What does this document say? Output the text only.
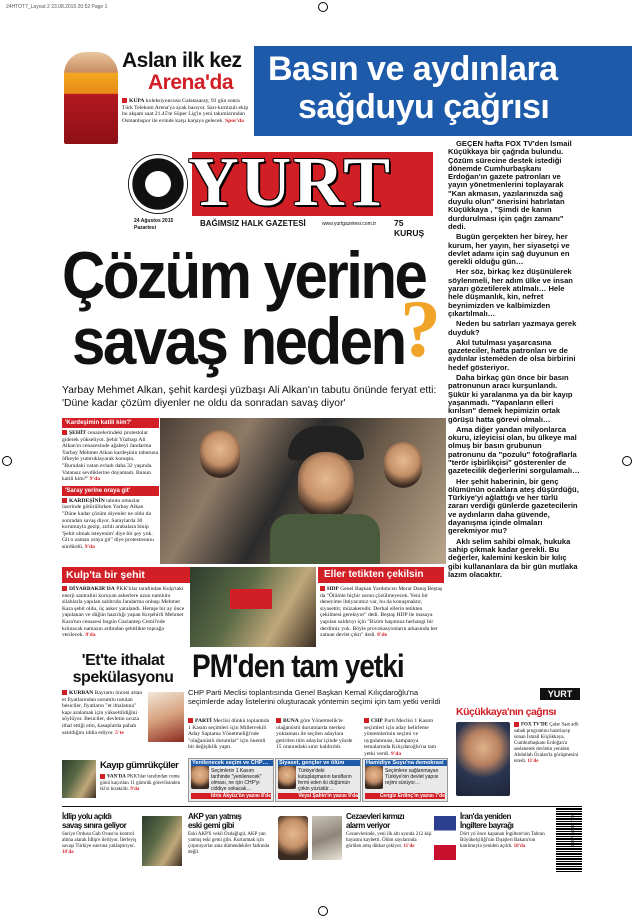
24HTOT7_Layout 2 23.08.2015 20:52 Page 1
Aslan ilk kez
Arena'da
KUPA koleksiyoncusu Galatasaray, 93 gün sonra Türk Telekom Arena'ya ayak basıyor. Sarı-kırmızılı ekip bu akşam saat 21.45'te Süper Lig'in yeni takımlarından Osmanlıspor ile evinde karşı karşıya gelecek. Spor'da
Basın ve aydınlara
sağduyu çağrısı
YURT
24 Ağustos 2015
Pazartesi	BAĞIMSIZ HALK GAZETESİ	www.yurtgazetesi.com.tr 75 KURUŞ
Çözüm yerine
savaş neden
?
Yarbay Mehmet Alkan, şehit kardeşi yüzbaşı Ali Alkan'ın tabutu önünde feryat etti: 'Düne kadar çözüm diyenler ne oldu da sonradan savaş diyor'
'Kardeşimin katili kim?'
ŞEHİT cenazelerindeki protestolar giderek yükseliyor. Şehit Yüzbaşı Ali Alkan'ın cenazesinde ağabeyi Jandarma Yarbay Mehmet Alkan kardeşinin tabutuna öfkeyle yumruklayarak konuştu. "Burudaki vatan evladı daha 32 yaşında. Vatansız sevdiklerine doyamadı. Bunun katili kim?" 9'da
'Saray yerine oraya git'
KARDEŞİNİN tabutu omuzlar üzerinde götürülürken Yarbay Alkan "Düne kadar çözüm diyenler ne oldu da sonradan savaş diyor. Saraylarda 30 korumayla gezip, zırhlı arabalara binip 'Şehit olmak isteyenim' diye bir şey yok. Git o zaman oraya git" diye protestosunu sürdürdü. 9'da
Kulp'ta bir şehit
DİYARBAKIR'DA PKK'lılar tarafından Kulp'taki enerji santralini koruyan askerlere uzun namlulu silahlarla yapılan saldırıda Jandarma onbaşı Mehmet Kara şehit oldu, üç asker yaralandı. Hemşe bir ay önce yapılanan ve düğün hazırlığı yapan Kırşehirli Mehmet Kara'nın cenazesi bugün Gaziantep Cemil'nde kılınacak namazın ardından şehitlikte toprağa verilecek. 9'da
Eller tetikten çekilsin
HDP Genel Başkan Yardımcısı Meral Danış Beştaş da "Ölümle hiçbir sorun çözülmeyecek. Yeni bir deneyime ihtiyacımız var, bu da konuşmaktır, siyasettir, müzakeredir. Derhal ellerin tetikten çekilmesi gerekiyor" dedi. Beştaş HDP ile masaya yapılan saldırıyı için "Bizim başımıza herhangi bir derdimiz yok. Böyle provokasyonların arkasında her zaman devlet çıktı" dedi. 8'de

GEÇEN hafta FOX TV'den İsmail Küçükkaya bir çağrıda bulundu. Çözüm sürecine destek istediği dönemde Cumhurbaşkanı Erdoğan'ın gazete patronları ve yayın yönetmenlerini toplayarak "Kan akmasın, yazılarınızda sağ duyulu olun" önerisini hatırlatan Küçükkaya , "Şimdi de kanın durdurulması için çağrı zamanı" dedi.

Bugün gerçekten her birey, her kurum, her yayın, her siyasetçi ve devlet adamı için sağ duyunun en gerekli olduğu gün…

Her söz, birkaç kez düşünülerek söylenmeli, her adım ülke ve insan yararı gözetilerek atılmalı… Hele hele düşmanlık, kin, nefret beynimizden ve kalbimizden çıkartılmalı…

Neden bu satırları yazmaya gerek duyduk?

Akıl tutulması yaşarcasına gazeteciler, hatta patronları ve de aydınlar istemėden de olsa birbirini hedef gösteriyor.

Daha birkaç gün önce bir basın patronunun aracı kurşunlandı. Şükür ki yaralanma ya da bir kayıp yaşanmadı. "Yapanların elleri kırılsın" demek hepimizin ortak görüşü hatta görevi olmalı…

Ama diğer yandan milyonlarca okuru, izleyicisi olan, bu ülkeye mal olmuş bir basın grubunun patronunu da "pozulu" fotoğraflarla "terör işbirlikçisi" gösterenler de gazetecilik değerlerini sorgulamalı…

Her şehit haberinin, bir genç ölümünün ocaklara ateş düşürdüğü, Türkiye'yi ağlattığı ve her türlü zararı verdiği günlerde gazetecilerin ve aydınların daha güvende, dayanışma içinde olmaları gerekmiyor mu?

Aklı selim sahibi olmak, hukuka sahip çıkmak kadar gerekli. Bu değerler, kalemini keskin bir kılıç gibi kullananlara da bir gün mutlaka lazım olacaktır.

YURT
Küçükkaya'nın çağrısı
FOX TV'DE Çalar Saat adlı sabah programını hazırlayıp sunan İsmail Küçükkaya, Cumhurbaşkanı Erdoğan'a seslenerek devletin yeniden Abdullah Öcalan'la görüşmesini istedi. 11'de
'Et'te ithalat
spekülasyonu
KURBAN Bayramı öncesi artan et fiyatlarından sorumlu tutulan besiciler, fiyatların "et ithalatına" kapı aralamak için yükseltildiğini söylüyor. Besiciler, devletin ucuza ithal ettiği etin, kasaplarda pahalı satıldığını iddia ediyor. 5'te
Kayıp gümrükçüler
VAN'DA PKK'lılar tarafından cuma günü kaçırılan 11 gümrük görevlisinden iki'si bırakıldı. 9'da
PM'den tam yetki
CHP Parti Meclisi toplantısında Genel Başkan Kemal Kılıçdaroğlu'na seçimlerde aday listelerini oluşturacak yöntemin seçimi için tam yetki verildi
PARTİ Meclisi dünkü toplantıda 1 Kasım seçimleri için Milletvekili Aday Saptama Yönetmeliği'nde "olağanüstü durumlar" için önemli bir değişiklik yaptı.
BUNA göre Yönetmelik'te olağanüstü durumlarda merkez yoklaması ile seçilen adaylara getirilen tüm adaylar içinde yüzde 15 oranındaki sınır kaldırıldı.
CHP Parti Meclisi 1 Kasım seçimleri için aday belirleme yöntemlerinin seçimi ve uygulanması, kampanya temalarında Kılıçdaroğlu'na tam yetki verdi. 9'da
Yenilenecek seçim ve CHP…
Seçimlerin 1 Kasım tarihinde "yenilenecek" olması, ne için CHP'yi ciddiye sokacak…
İdris Akyüz'ün yazısı 8'de
Siyaset, gençler ve ölüm
Türkiye'deki kutuplaşmanın tarafların fermi eden iki düğümün çirkin yüzüdür…
Veysi Şahin'in yazısı 9'da
Hamidiye Suyu'na demokrasi
Seçimlere sağlanmayan Türkiye'nin devlet yapısı rejimi sürüyor…
Cengiz Erdinç'in yazısı 7'de
İdlip yolu açıldı
savaş sınıra geliyor
Suriye Ordusu Gab Ovası'nı kontrol altına alarak İdlip'e ilerliyor. İlerleyiş savaşı Türkiye sınırına yaklaştırıyor. 10'da
AKP yan yatmış
eski gemi gibi
Eski AKP'li vekil Özdağlıgıl, AKP yan yatmış eski gemi gibi. Kurtarmak için çırpınıyorlar ama dümendekiler farkında değil.
Cezaevleri kırmızı
alarm veriyor
Cezaevlerinde, yeni ilk altı ayında 212 kişi hayatını kaybetti. Ölüm sayılarında görülen artış dikkat çekiyor. 11'de
İran'da yeniden
İngiltere bayrağı
Dört yıl önce kapanan İngiltere'nin Tahran Büyükelçiliği'nin Dışişleri Bakanı'nın katılımıyla yeniden açıldı. 10'da
ISSN 1302-7980
